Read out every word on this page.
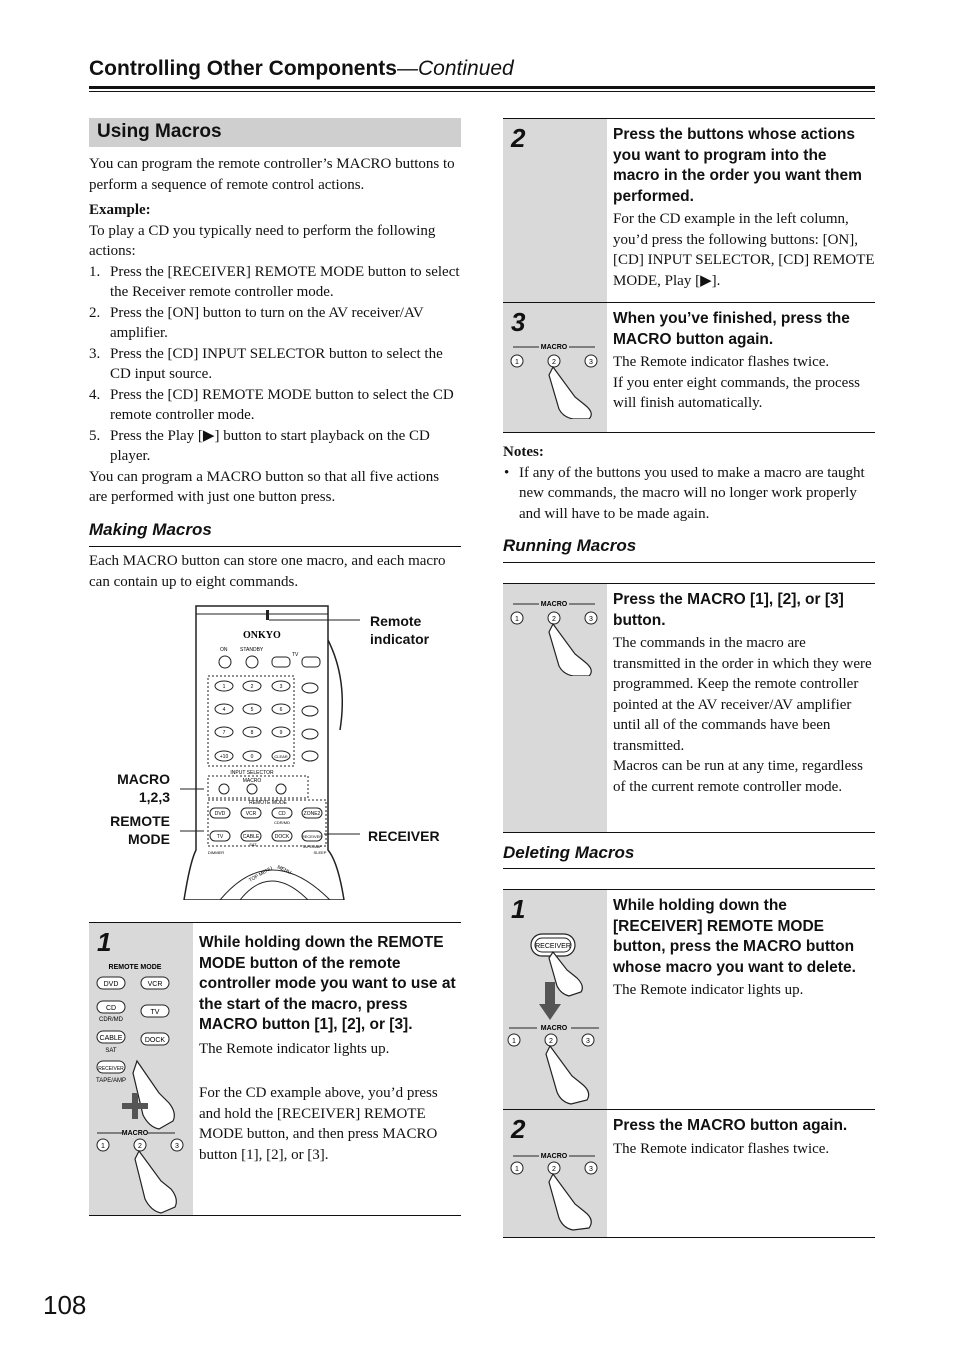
Controlling Other Components—Continued
Using Macros

You can program the remote controller’s MACRO buttons to perform a sequence of remote control actions.

Example:

To play a CD you typically need to perform the following actions:

1. Press the [RECEIVER] REMOTE MODE button to select the Receiver remote controller mode.
2. Press the [ON] button to turn on the AV receiver/AV amplifier.
3. Press the [CD] INPUT SELECTOR button to select the CD input source.
4. Press the [CD] REMOTE MODE button to select the CD remote controller mode.
5. Press the Play [▶] button to start playback on the CD player.

You can program a MACRO button so that all five actions are performed with just one button press.

Making Macros

Each MACRO button can store one macro, and each macro can contain up to eight commands.

ONKYO
ON	STANDBY
TV
1	2	3
4	5	6
7	8	9
+10	0	CLEAR
INPUT SELECTOR
MACRO
REMOTE MODE
DVD	VCR	CD	ZONE2
CDR/MD
TV	CABLE	DOCK	RECEIVER
SAT	TAPE/AMP
DIMMER	SLEEP
TOP MENU MENU
Remote indicator
MACRO 1,2,3
REMOTE MODE	RECEIVER
1
REMOTE MODE
DVD	VCR
CD
CDR/MD
TV
CABLE
SAT
DOCK
RECEIVER
TAPE/AMP
MACRO
1	2	3

While holding down the REMOTE MODE button of the remote controller mode you want to use at the start of the macro, press MACRO button [1], [2], or [3].

The Remote indicator lights up.

For the CD example above, you’d press and hold the [RECEIVER] REMOTE MODE button, and then press MACRO button [1], [2], or [3].

2	Press the buttons whose actions you want to program into the macro in the order you want them performed.

For the CD example in the left column, you’d press the following buttons: [ON], [CD] INPUT SELECTOR, [CD] REMOTE MODE, Play [▶].

3
MACRO
1	2	3

When you’ve finished, press the MACRO button again.

The Remote indicator flashes twice.

If you enter eight commands, the process will finish automatically.

Notes:

• If any of the buttons you used to make a macro are taught new commands, the macro will no longer work properly and will have to be made again.

Running Macros
MACRO
1	2	3

Press the MACRO [1], [2], or [3] button.

The commands in the macro are transmitted in the order in which they were programmed. Keep the remote controller pointed at the AV receiver/AV amplifier until all of the commands have been transmitted.

Macros can be run at any time, regardless of the current remote controller mode.

Deleting Macros
1
RECEIVER
MACRO
1	2	3

While holding down the [RECEIVER] REMOTE MODE button, press the MACRO button whose macro you want to delete.

The Remote indicator lights up.

2
MACRO
1	2	3

Press the MACRO button again.

The Remote indicator flashes twice.

108
